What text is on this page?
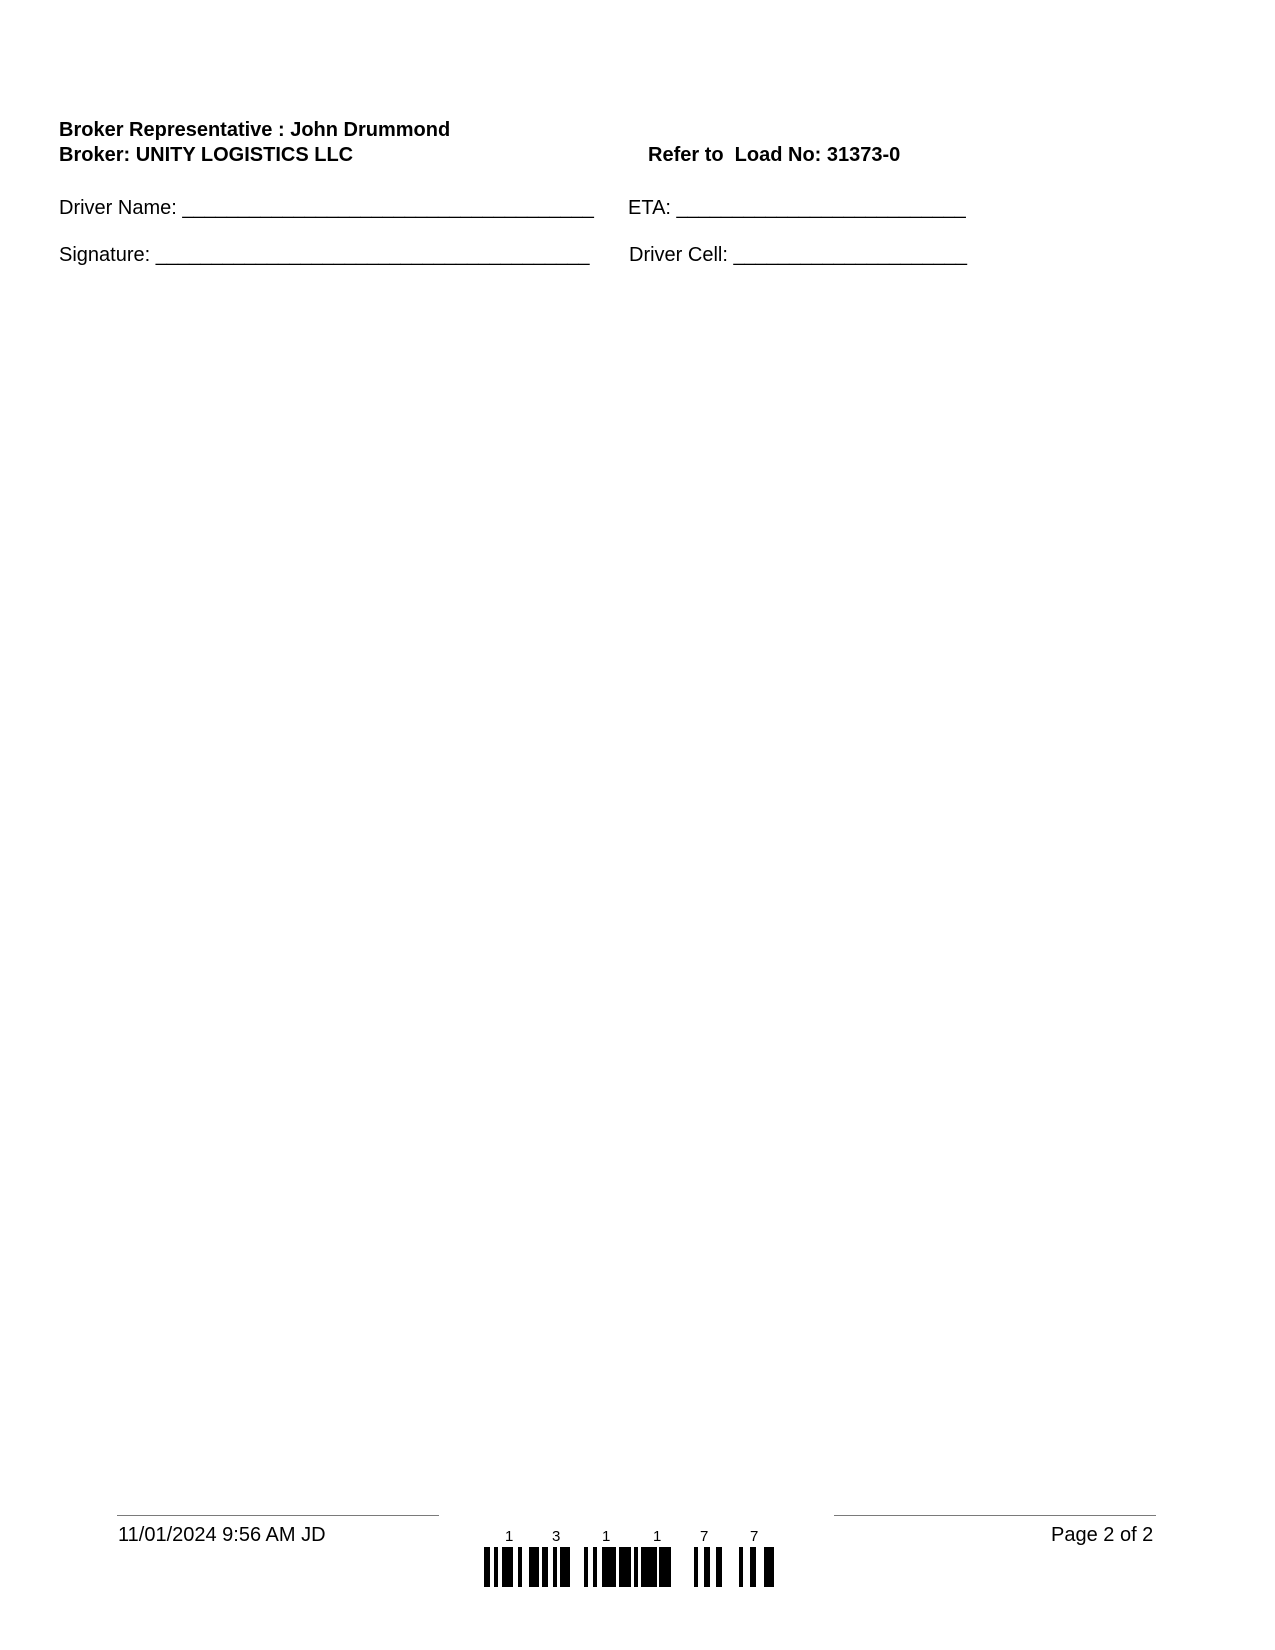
Broker Representative : John Drummond
Broker: UNITY LOGISTICS LLC	Refer to  Load No: 31373-0
Driver Name: _____________________________________ ETA: __________________________
Signature: _______________________________________ Driver Cell: _____________________
11/01/2024 9:56 AM JD	Page 2 of 2
1	3	1	1	7	7
